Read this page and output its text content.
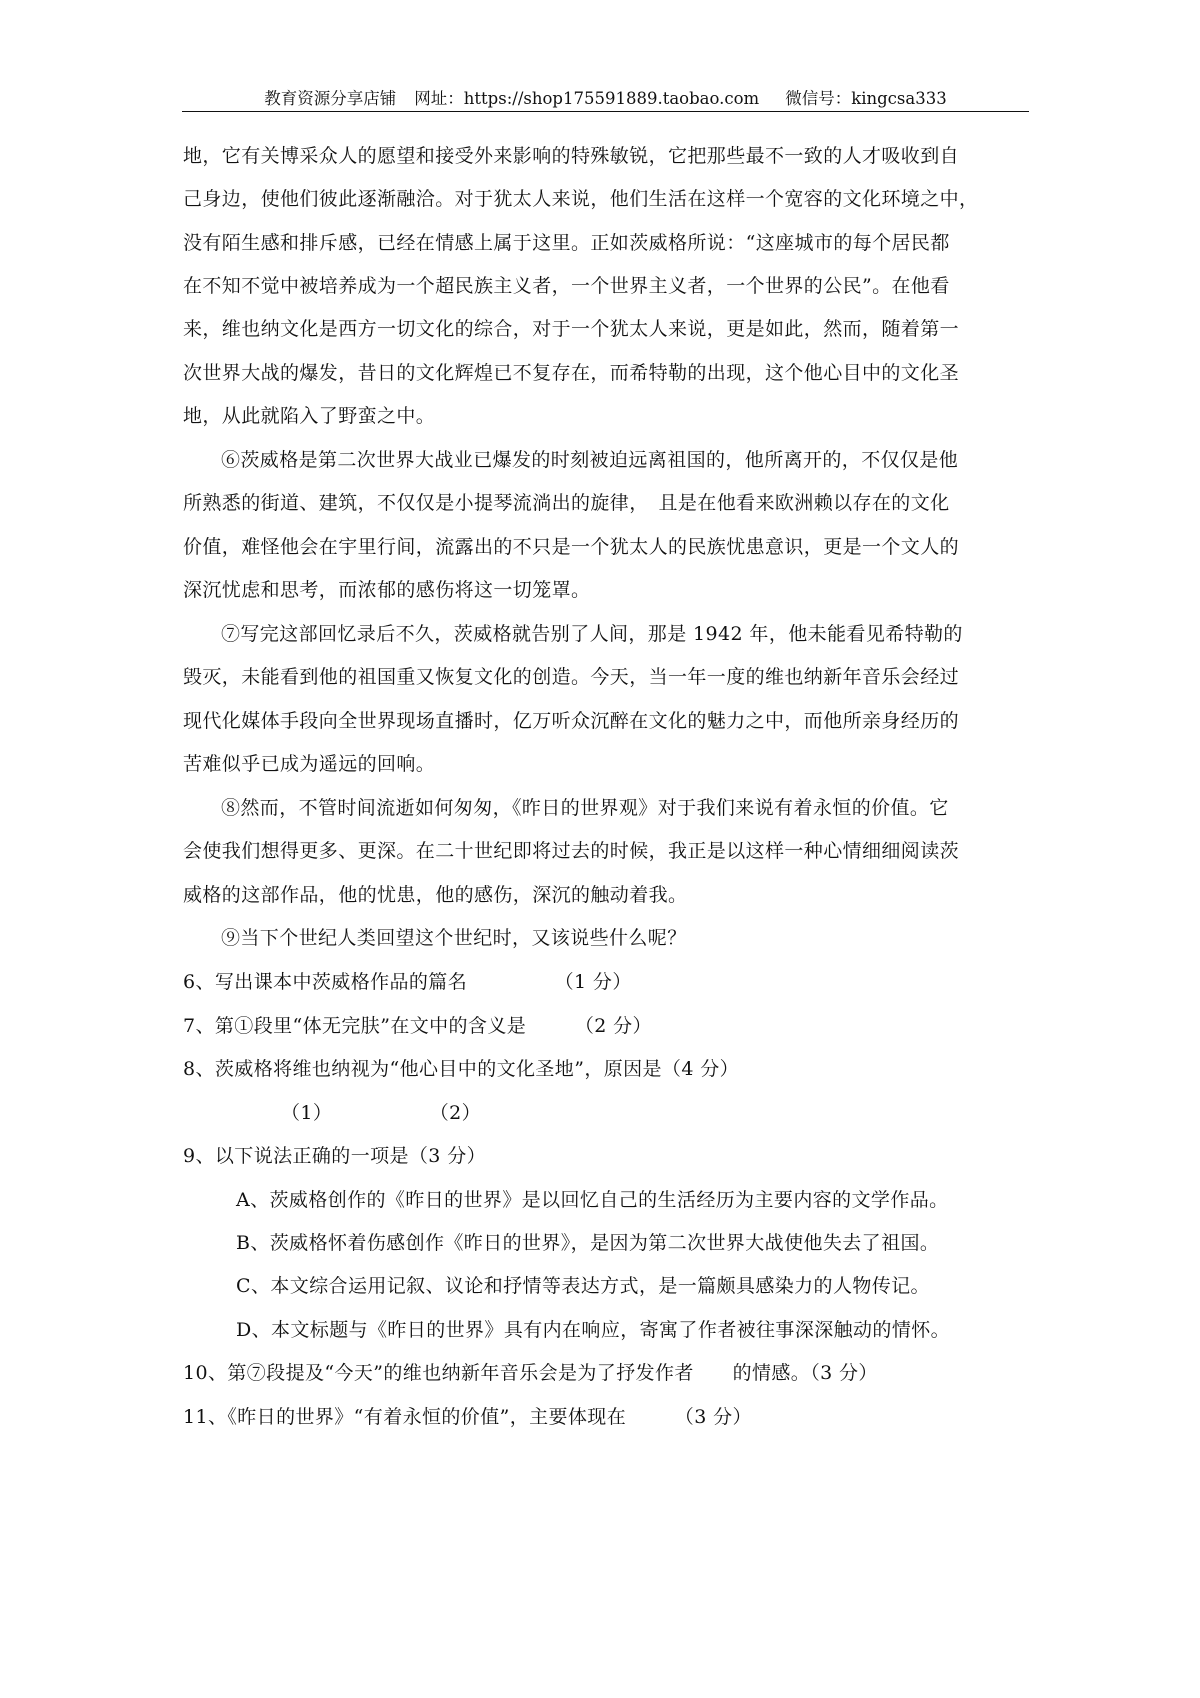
教育资源分享店铺 网址：https://shop175591889.taobao.com 微信号：kingcsa333
地，它有关博采众人的愿望和接受外来影响的特殊敏锐，它把那些最不一致的人才吸收到自
己身边，使他们彼此逐渐融洽。对于犹太人来说，他们生活在这样一个宽容的文化环境之中，
没有陌生感和排斥感，已经在情感上属于这里。正如茨威格所说：“这座城市的每个居民都
在不知不觉中被培养成为一个超民族主义者，一个世界主义者，一个世界的公民”。在他看
来，维也纳文化是西方一切文化的综合，对于一个犹太人来说，更是如此，然而，随着第一
次世界大战的爆发，昔日的文化辉煌已不复存在，而希特勒的出现，这个他心目中的文化圣
地，从此就陷入了野蛮之中。
⑥茨威格是第二次世界大战业已爆发的时刻被迫远离祖国的，他所离开的，不仅仅是他
所熟悉的街道、建筑，不仅仅是小提琴流淌出的旋律，　且是在他看来欧洲赖以存在的文化
价值，难怪他会在宇里行间，流露出的不只是一个犹太人的民族忧患意识，更是一个文人的
深沉忧虑和思考，而浓郁的感伤将这一切笼罩。
⑦写完这部回忆录后不久，茨威格就告别了人间，那是 1942 年，他未能看见希特勒的
毁灭，未能看到他的祖国重又恢复文化的创造。今天，当一年一度的维也纳新年音乐会经过
现代化媒体手段向全世界现场直播时，亿万听众沉醉在文化的魅力之中，而他所亲身经历的
苦难似乎已成为遥远的回响。
⑧然而，不管时间流逝如何匆匆，《昨日的世界观》对于我们来说有着永恒的价值。它
会使我们想得更多、更深。在二十世纪即将过去的时候，我正是以这样一种心情细细阅读茨
威格的这部作品，他的忧患，他的感伤，深沉的触动着我。
⑨当下个世纪人类回望这个世纪时，又该说些什么呢？
6、写出课本中茨威格作品的篇名　　　　　（1 分）
7、第①段里“体无完肤”在文中的含义是　　　（2 分）
8、茨威格将维也纳视为“他心目中的文化圣地”，原因是（4 分）
（1）　　　　　　（2）
9、以下说法正确的一项是（3 分）
A、茨威格创作的《昨日的世界》是以回忆自己的生活经历为主要内容的文学作品。
B、茨威格怀着伤感创作《昨日的世界》，是因为第二次世界大战使他失去了祖国。
C、本文综合运用记叙、议论和抒情等表达方式，是一篇颇具感染力的人物传记。
D、本文标题与《昨日的世界》具有内在响应，寄寓了作者被往事深深触动的情怀。
10、第⑦段提及“今天”的维也纳新年音乐会是为了抒发作者　　的情感。（3 分）
11、《昨日的世界》“有着永恒的价值”，主要体现在　　　（3 分）
